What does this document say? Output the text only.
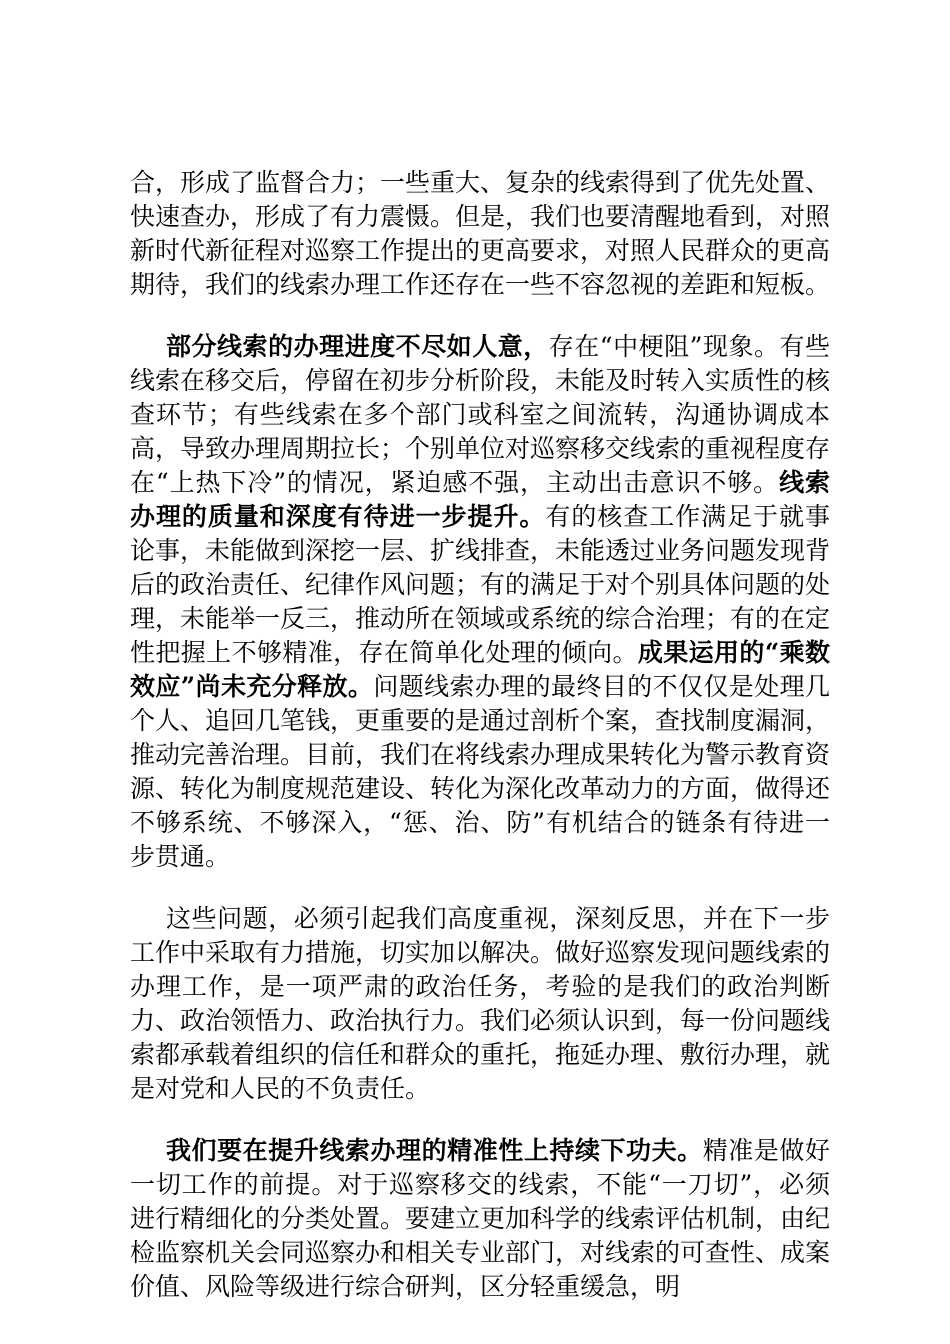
合，形成了监督合力；一些重大、复杂的线索得到了优先处置、快速查办，形成了有力震慑。但是，我们也要清醒地看到，对照新时代新征程对巡察工作提出的更高要求，对照人民群众的更高期待，我们的线索办理工作还存在一些不容忽视的差距和短板。

部分线索的办理进度不尽如人意，存在“中梗阻”现象。有些线索在移交后，停留在初步分析阶段，未能及时转入实质性的核查环节；有些线索在多个部门或科室之间流转，沟通协调成本高，导致办理周期拉长；个别单位对巡察移交线索的重视程度存在“上热下冷”的情况，紧迫感不强，主动出击意识不够。线索办理的质量和深度有待进一步提升。有的核查工作满足于就事论事，未能做到深挖一层、扩线排查，未能透过业务问题发现背后的政治责任、纪律作风问题；有的满足于对个别具体问题的处理，未能举一反三，推动所在领域或系统的综合治理；有的在定性把握上不够精准，存在简单化处理的倾向。成果运用的“乘数效应”尚未充分释放。问题线索办理的最终目的不仅仅是处理几个人、追回几笔钱，更重要的是通过剖析个案，查找制度漏洞，推动完善治理。目前，我们在将线索办理成果转化为警示教育资源、转化为制度规范建设、转化为深化改革动力的方面，做得还不够系统、不够深入，“惩、治、防”有机结合的链条有待进一步贯通。

这些问题，必须引起我们高度重视，深刻反思，并在下一步工作中采取有力措施，切实加以解决。做好巡察发现问题线索的办理工作，是一项严肃的政治任务，考验的是我们的政治判断力、政治领悟力、政治执行力。我们必须认识到，每一份问题线索都承载着组织的信任和群众的重托，拖延办理、敷衍办理，就是对党和人民的不负责任。

我们要在提升线索办理的精准性上持续下功夫。精准是做好一切工作的前提。对于巡察移交的线索，不能“一刀切”，必须进行精细化的分类处置。要建立更加科学的线索评估机制，由纪检监察机关会同巡察办和相关专业部门，对线索的可查性、成案价值、风险等级进行综合研判，区分轻重缓急，明
